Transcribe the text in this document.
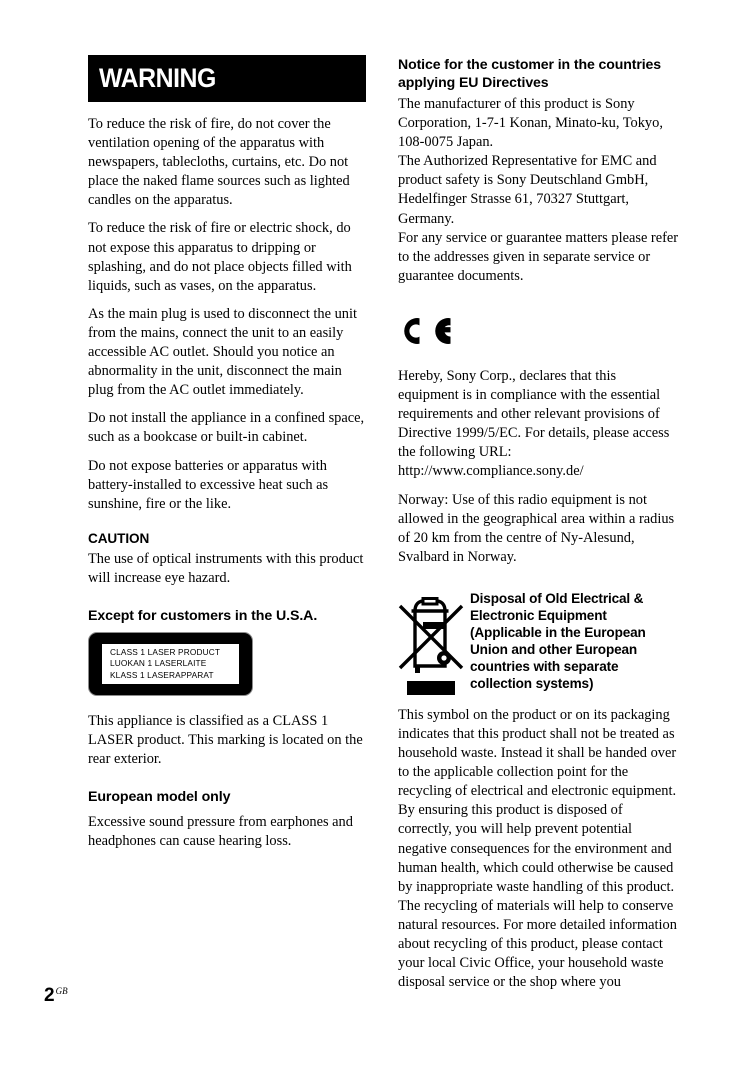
WARNING

To reduce the risk of fire, do not cover the ventilation opening of the apparatus with newspapers, tablecloths, curtains, etc. Do not place the naked flame sources such as lighted candles on the apparatus.

To reduce the risk of fire or electric shock, do not expose this apparatus to dripping or splashing, and do not place objects filled with liquids, such as vases, on the apparatus.

As the main plug is used to disconnect the unit from the mains, connect the unit to an easily accessible AC outlet. Should you notice an abnormality in the unit, disconnect the main plug from the AC outlet immediately.

Do not install the appliance in a confined space, such as a bookcase or built-in cabinet.

Do not expose batteries or apparatus with battery-installed to excessive heat such as sunshine, fire or the like.

CAUTION

The use of optical instruments with this product will increase eye hazard.

Except for customers in the U.S.A.
CLASS 1 LASER PRODUCT
LUOKAN 1 LASERLAITE
KLASS 1 LASERAPPARAT

This appliance is classified as a CLASS 1 LASER product. This marking is located on the rear exterior.

European model only

Excessive sound pressure from earphones and headphones can cause hearing loss.

Notice for the customer in the countries applying EU Directives

The manufacturer of this product is Sony Corporation, 1-7-1 Konan, Minato-ku, Tokyo, 108-0075 Japan.

The Authorized Representative for EMC and product safety is Sony Deutschland GmbH, Hedelfinger Strasse 61, 70327 Stuttgart, Germany.

For any service or guarantee matters please refer to the addresses given in separate service or guarantee documents.

Hereby, Sony Corp., declares that this equipment is in compliance with the essential requirements and other relevant provisions of Directive 1999/5/EC. For details, please access the following URL: http://www.compliance.sony.de/

Norway: Use of this radio equipment is not allowed in the geographical area within a radius of 20 km from the centre of Ny-Alesund, Svalbard in Norway.

Disposal of Old Electrical & Electronic Equipment (Applicable in the European Union and other European countries with separate collection systems)

This symbol on the product or on its packaging indicates that this product shall not be treated as household waste. Instead it shall be handed over to the applicable collection point for the recycling of electrical and electronic equipment. By ensuring this product is disposed of correctly, you will help prevent potential negative consequences for the environment and human health, which could otherwise be caused by inappropriate waste handling of this product. The recycling of materials will help to conserve natural resources. For more detailed information about recycling of this product, please contact your local Civic Office, your household waste disposal service or the shop where you

$2^{GB}$
